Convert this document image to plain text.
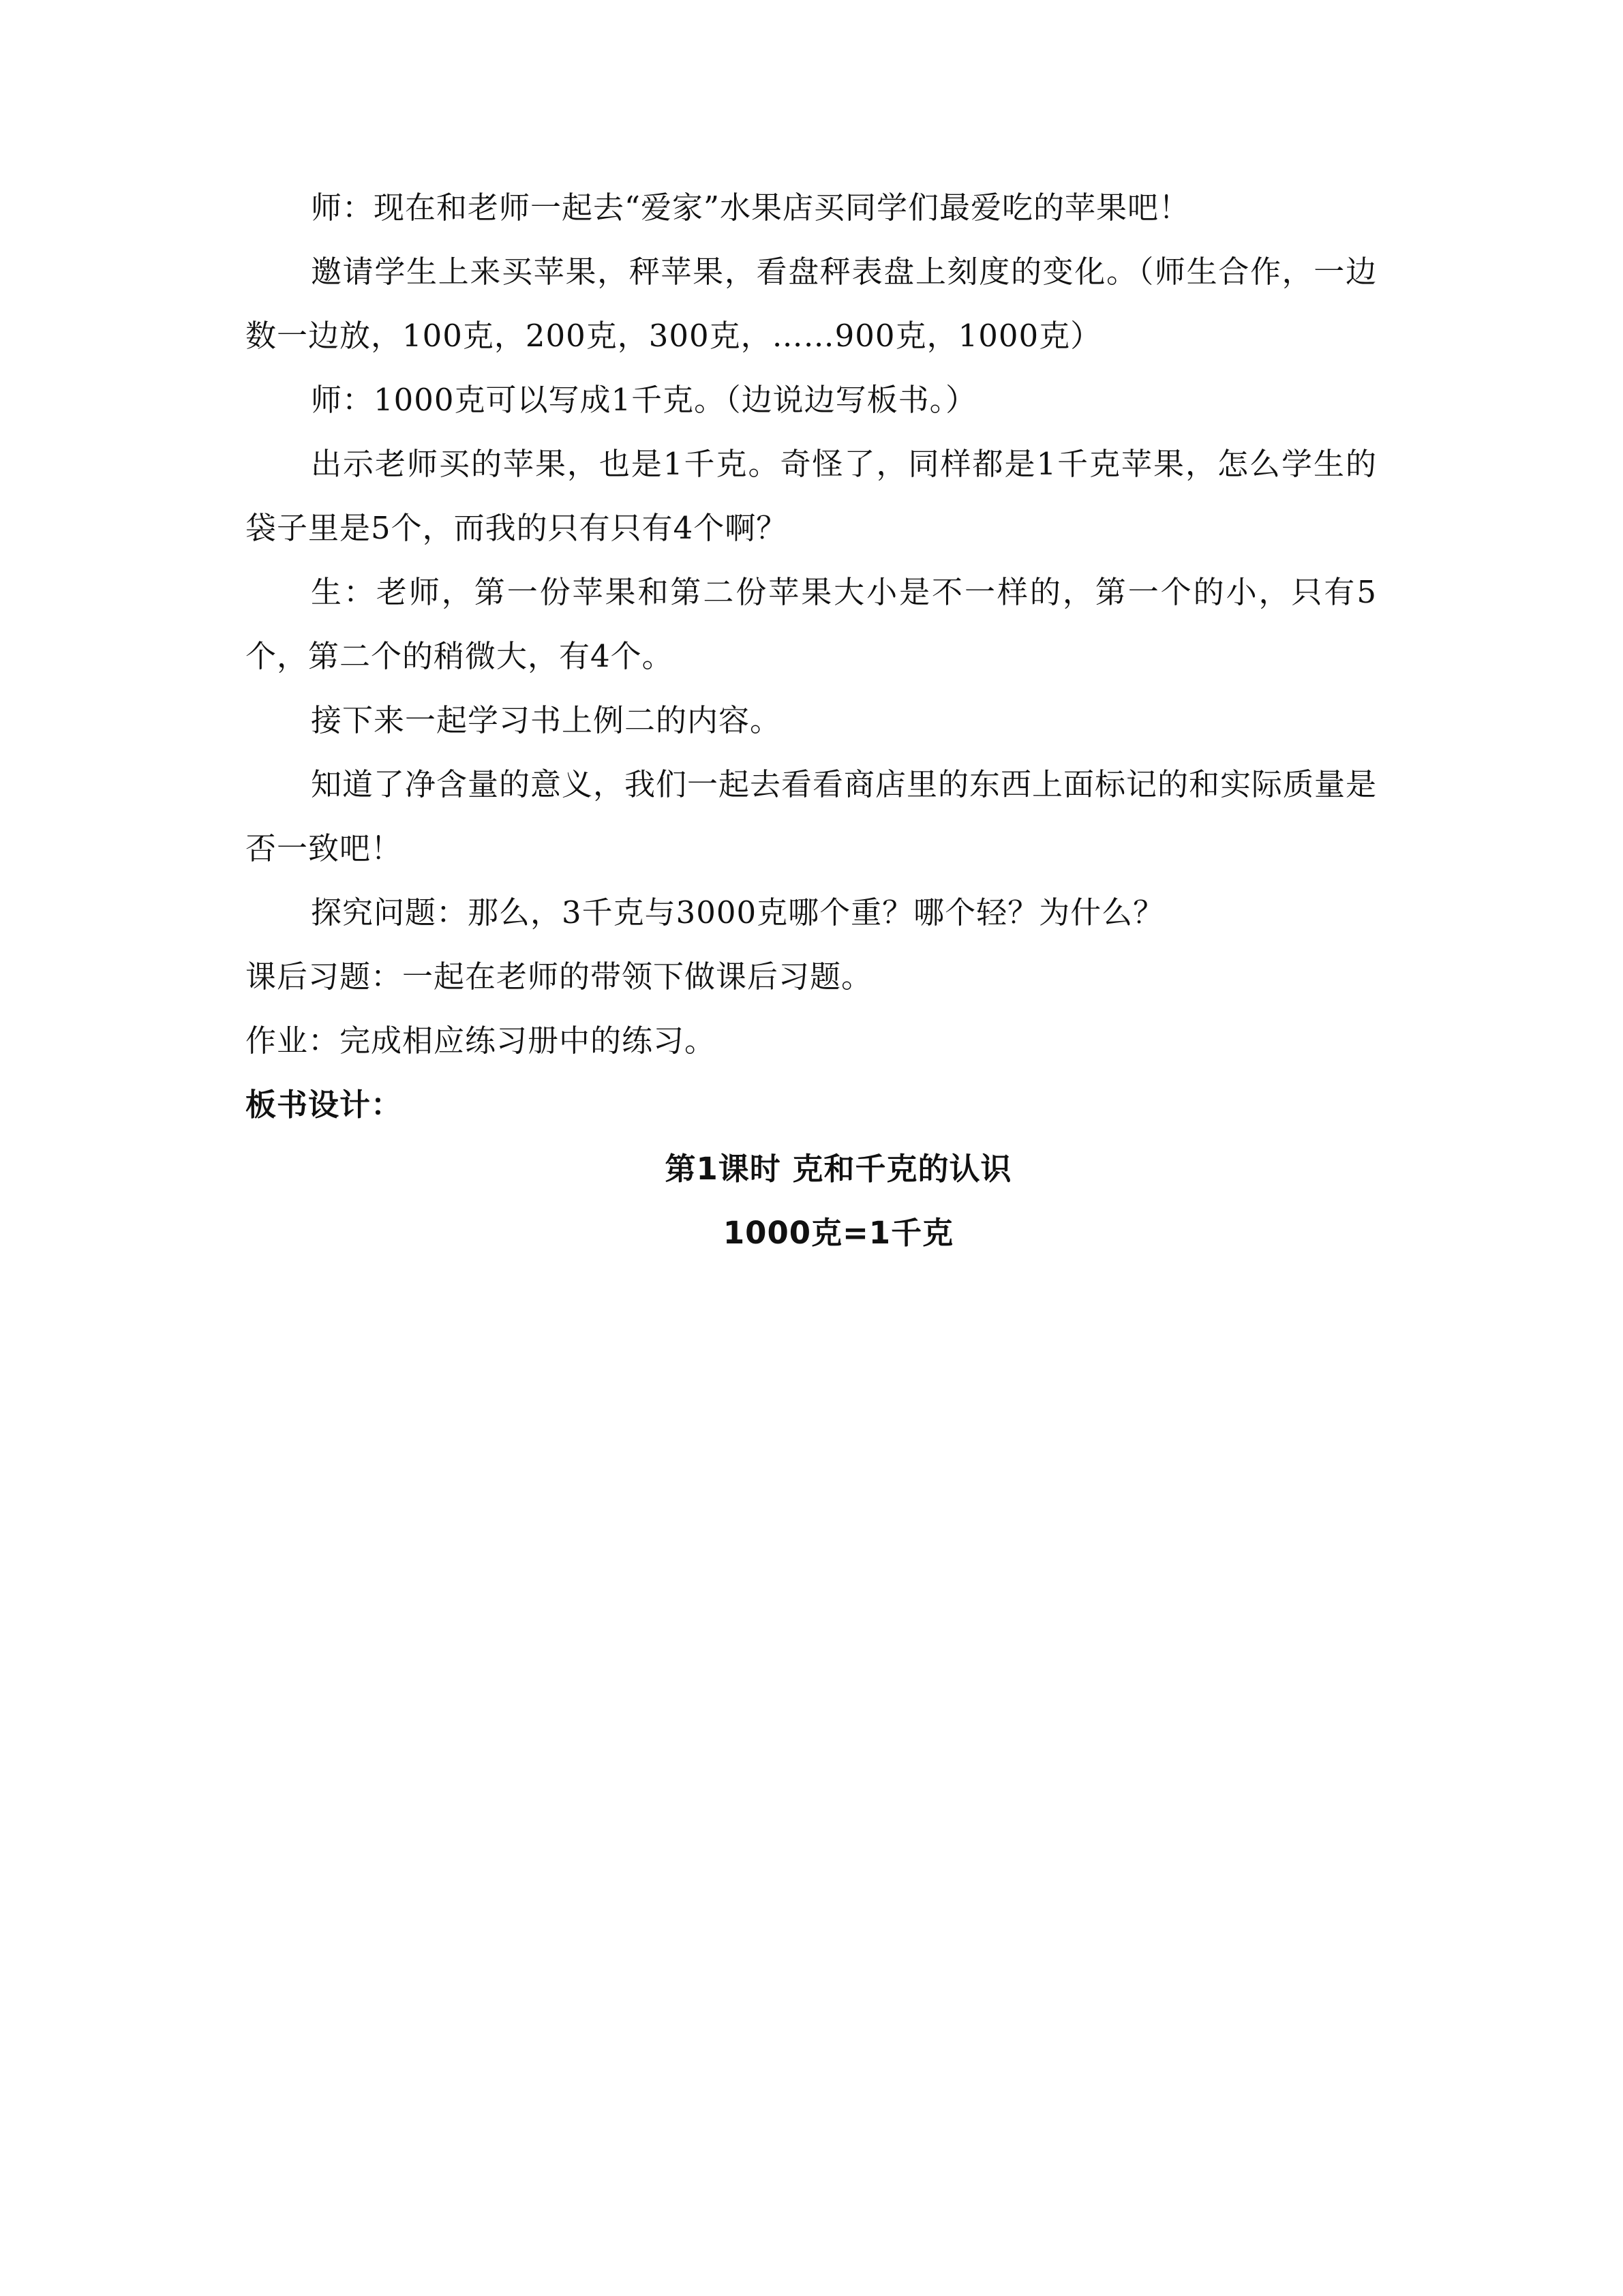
师：现在和老师一起去“爱家”水果店买同学们最爱吃的苹果吧！

邀请学生上来买苹果，秤苹果，看盘秤表盘上刻度的变化。（师生合作，一边数一边放，100克，200克，300克，……900克，1000克）

师：1000克可以写成1千克。（边说边写板书。）

出示老师买的苹果，也是1千克。奇怪了，同样都是1千克苹果，怎么学生的袋子里是5个，而我的只有只有4个啊？

生：老师，第一份苹果和第二份苹果大小是不一样的，第一个的小，只有5个，第二个的稍微大，有4个。

接下来一起学习书上例二的内容。

知道了净含量的意义，我们一起去看看商店里的东西上面标记的和实际质量是否一致吧！

探究问题：那么，3千克与3000克哪个重？哪个轻？为什么？

课后习题：一起在老师的带领下做课后习题。

作业：完成相应练习册中的练习。

板书设计：

第1课时 克和千克的认识

1000克=1千克
